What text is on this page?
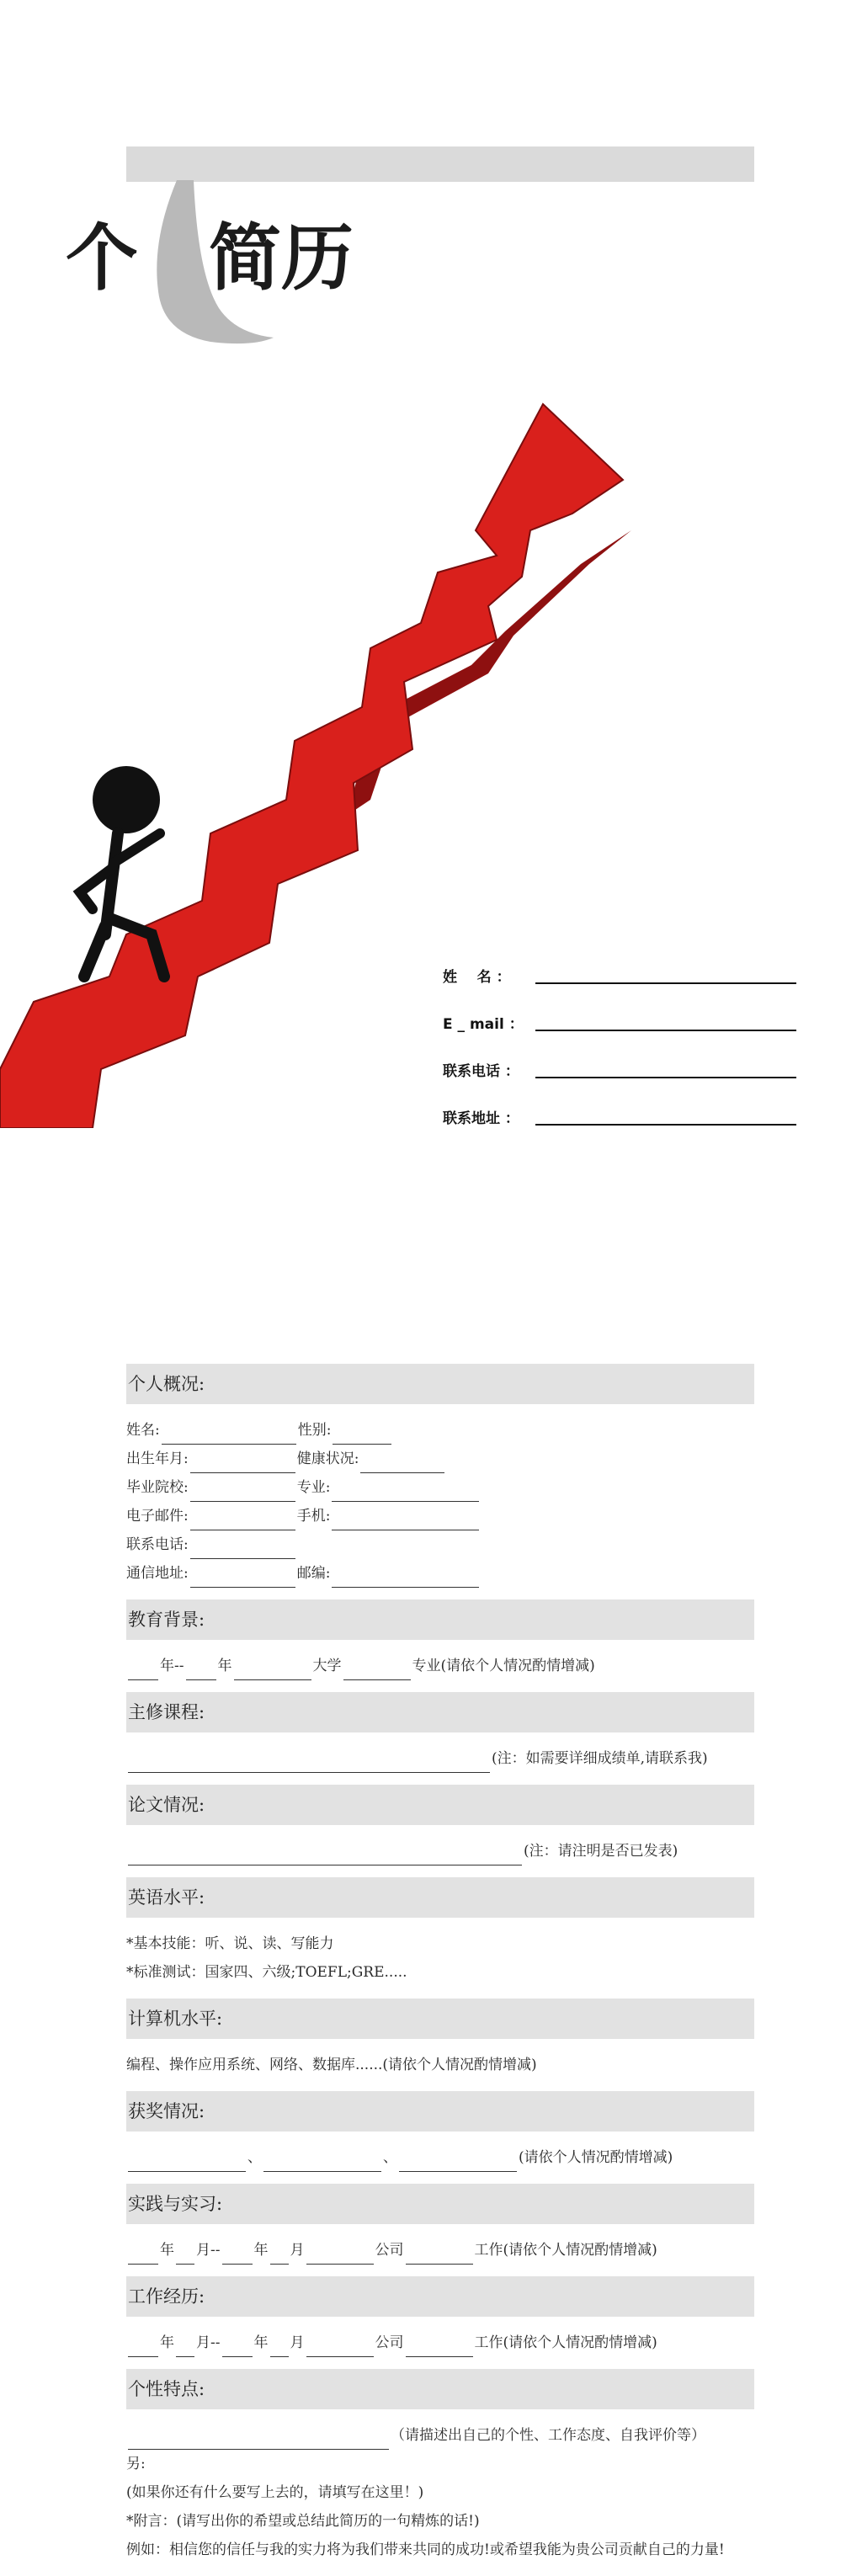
个 简历
姓    名 ：
E _ mail ：
联系电话 ：
联系地址 ：
个人概况:
姓名:	性别:
出生年月:	健康状况:
毕业院校:	专业:
电子邮件:	手机:
联系电话:
通信地址:	邮编:
教育背景:
年-- 年	大学	专业(请依个人情况酌情增减)
主修课程:
(注：如需要详细成绩单,请联系我)
论文情况:
(注：请注明是否已发表)
英语水平:
*基本技能：听、说、读、写能力
*标准测试：国家四、六级;TOEFL;GRE.....
计算机水平:
编程、操作应用系统、网络、数据库......(请依个人情况酌情增减)
获奖情况:
、	、	(请依个人情况酌情增减)
实践与实习:
年 月-- 年 月	公司	工作(请依个人情况酌情增减)
工作经历:
年 月-- 年 月	公司	工作(请依个人情况酌情增减)
个性特点:
（请描述出自己的个性、工作态度、自我评价等）
另:
(如果你还有什么要写上去的，请填写在这里！)
*附言：(请写出你的希望或总结此简历的一句精炼的话!)
例如：相信您的信任与我的实力将为我们带来共同的成功!或希望我能为贵公司贡献自己的力量!
